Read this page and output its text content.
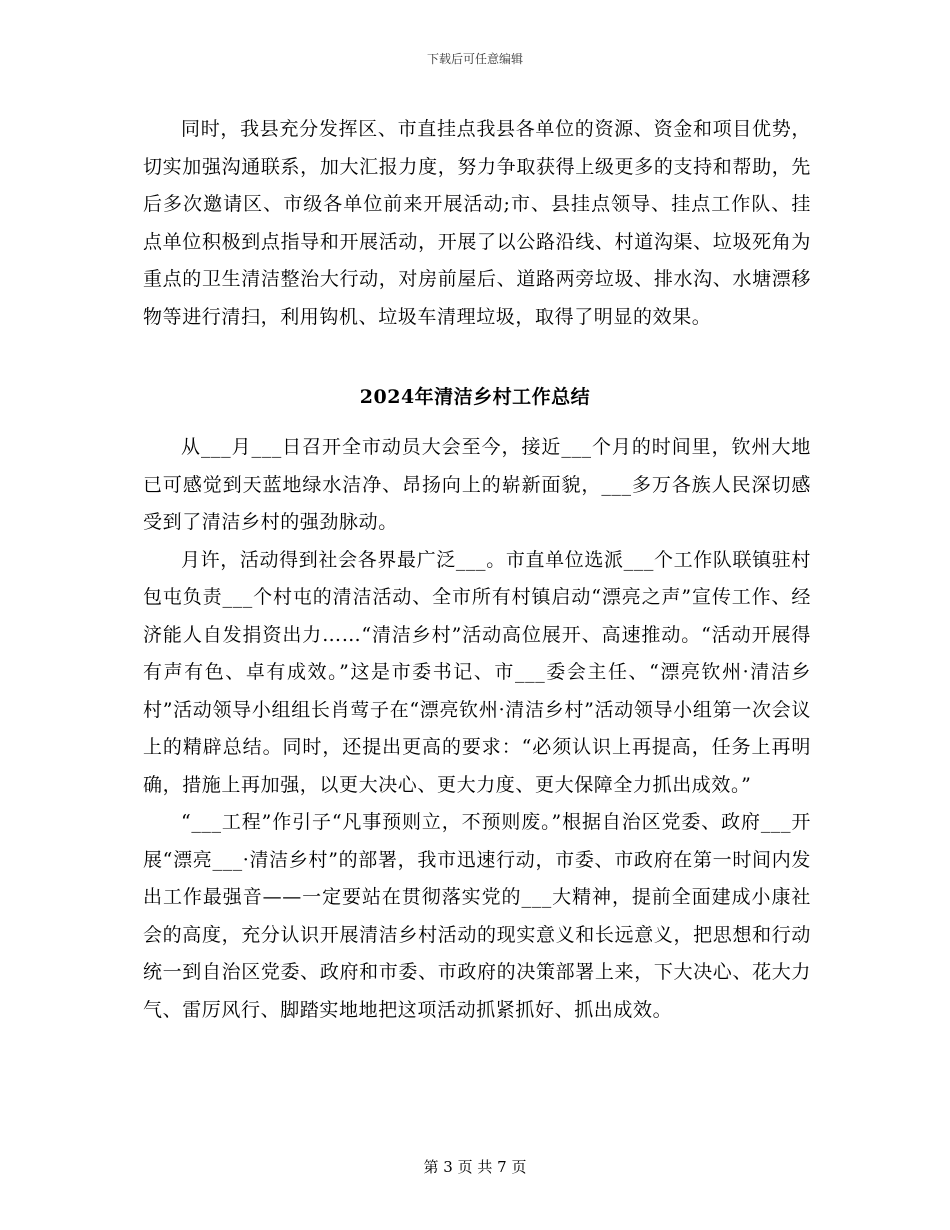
下载后可任意编辑

同时，我县充分发挥区、市直挂点我县各单位的资源、资金和项目优势，切实加强沟通联系，加大汇报力度，努力争取获得上级更多的支持和帮助，先后多次邀请区、市级各单位前来开展活动;市、县挂点领导、挂点工作队、挂点单位积极到点指导和开展活动，开展了以公路沿线、村道沟渠、垃圾死角为重点的卫生清洁整治大行动，对房前屋后、道路两旁垃圾、排水沟、水塘漂移物等进行清扫，利用钩机、垃圾车清理垃圾，取得了明显的效果。

2024年清洁乡村工作总结

从___月___日召开全市动员大会至今，接近___个月的时间里，钦州大地已可感觉到天蓝地绿水洁净、昂扬向上的崭新面貌，___多万各族人民深切感受到了清洁乡村的强劲脉动。

月许，活动得到社会各界最广泛___。市直单位选派___个工作队联镇驻村包屯负责___个村屯的清洁活动、全市所有村镇启动“漂亮之声”宣传工作、经济能人自发捐资出力……“清洁乡村”活动高位展开、高速推动。“活动开展得有声有色、卓有成效。”这是市委书记、市___委会主任、“漂亮钦州·清洁乡村”活动领导小组组长肖莺子在“漂亮钦州·清洁乡村”活动领导小组第一次会议上的精辟总结。同时，还提出更高的要求：“必须认识上再提高，任务上再明确，措施上再加强，以更大决心、更大力度、更大保障全力抓出成效。”

“___工程”作引子“凡事预则立，不预则废。”根据自治区党委、政府___开展“漂亮___·清洁乡村”的部署，我市迅速行动，市委、市政府在第一时间内发出工作最强音——一定要站在贯彻落实党的___大精神，提前全面建成小康社会的高度，充分认识开展清洁乡村活动的现实意义和长远意义，把思想和行动统一到自治区党委、政府和市委、市政府的决策部署上来，下大决心、花大力气、雷厉风行、脚踏实地地把这项活动抓紧抓好、抓出成效。

第 3 页 共 7 页
